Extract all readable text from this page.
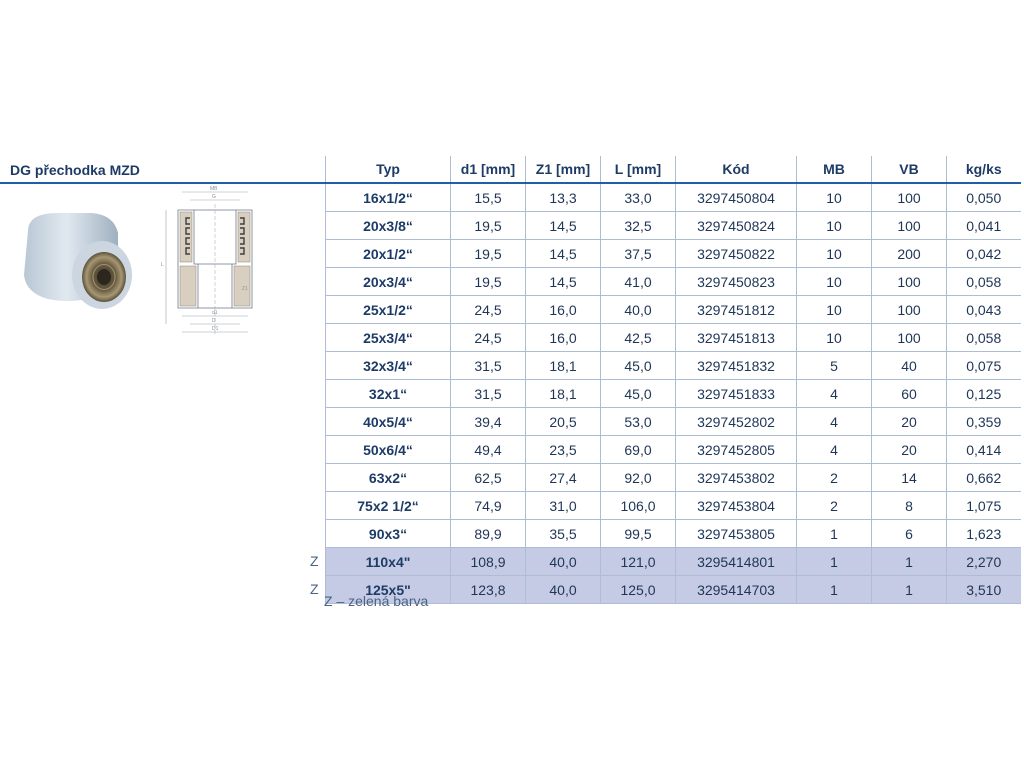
DG přechodka MZD
MB
G
L
Z1
d1
D
D1
Typ	d1 [mm]	Z1 [mm]	L [mm]	Kód	MB	VB	kg/ks
16x1/2“	15,5	13,3	33,0	3297450804	10	100	0,050
20x3/8“	19,5	14,5	32,5	3297450824	10	100	0,041
20x1/2“	19,5	14,5	37,5	3297450822	10	200	0,042
20x3/4“	19,5	14,5	41,0	3297450823	10	100	0,058
25x1/2“	24,5	16,0	40,0	3297451812	10	100	0,043
25x3/4“	24,5	16,0	42,5	3297451813	10	100	0,058
32x3/4“	31,5	18,1	45,0	3297451832	5	40	0,075
32x1“	31,5	18,1	45,0	3297451833	4	60	0,125
40x5/4“	39,4	20,5	53,0	3297452802	4	20	0,359
50x6/4“	49,4	23,5	69,0	3297452805	4	20	0,414
63x2“	62,5	27,4	92,0	3297453802	2	14	0,662
75x2 1/2“	74,9	31,0	106,0	3297453804	2	8	1,075
90x3“	89,9	35,5	99,5	3297453805	1	6	1,623
110x4"	108,9	40,0	121,0	3295414801	1	1	2,270
125x5"	123,8	40,0	125,0	3295414703	1	1	3,510
Z
Z
Z – zelená barva
